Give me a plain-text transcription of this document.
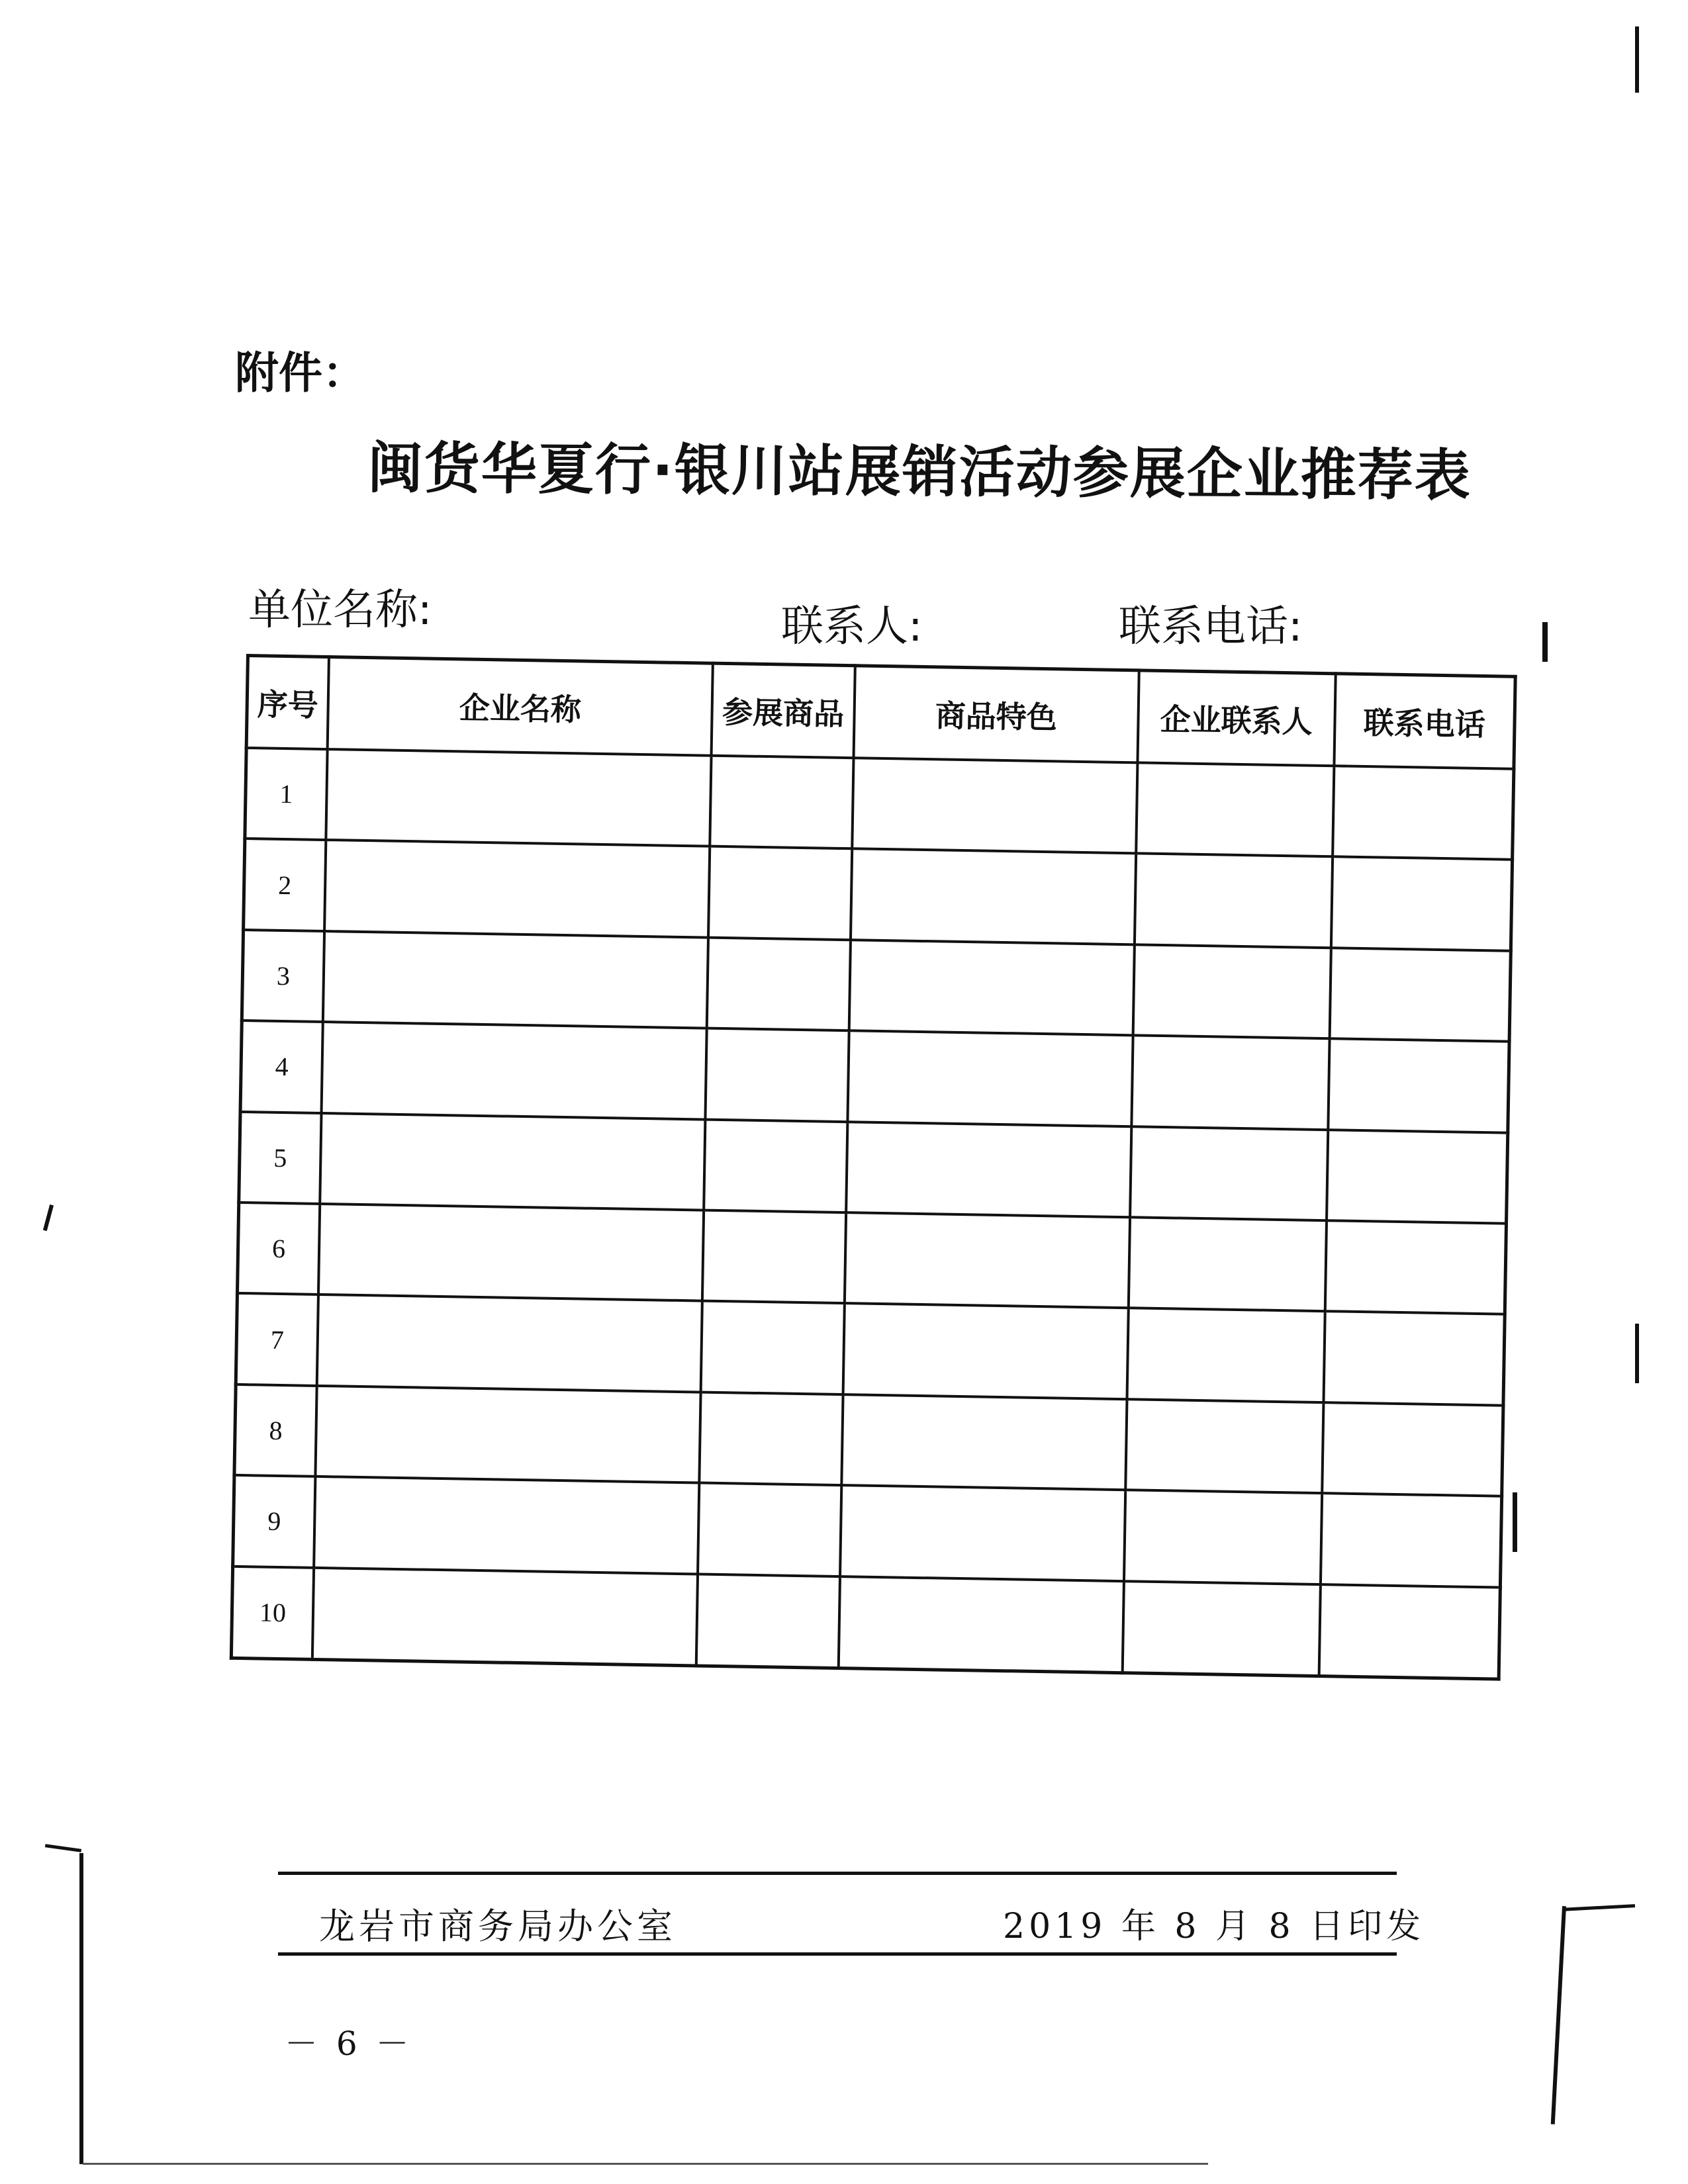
附件：
闽货华夏行·银川站展销活动参展企业推荐表
单位名称:	联系人:	联系电话:
序号	企业名称	参展商品	商品特色	企业联系人	联系电话
1					
2					
3					
4					
5					
6					
7					
8					
9					
10					
龙岩市商务局办公室	2019 年 8 月 8 日印发
－ 6 －
